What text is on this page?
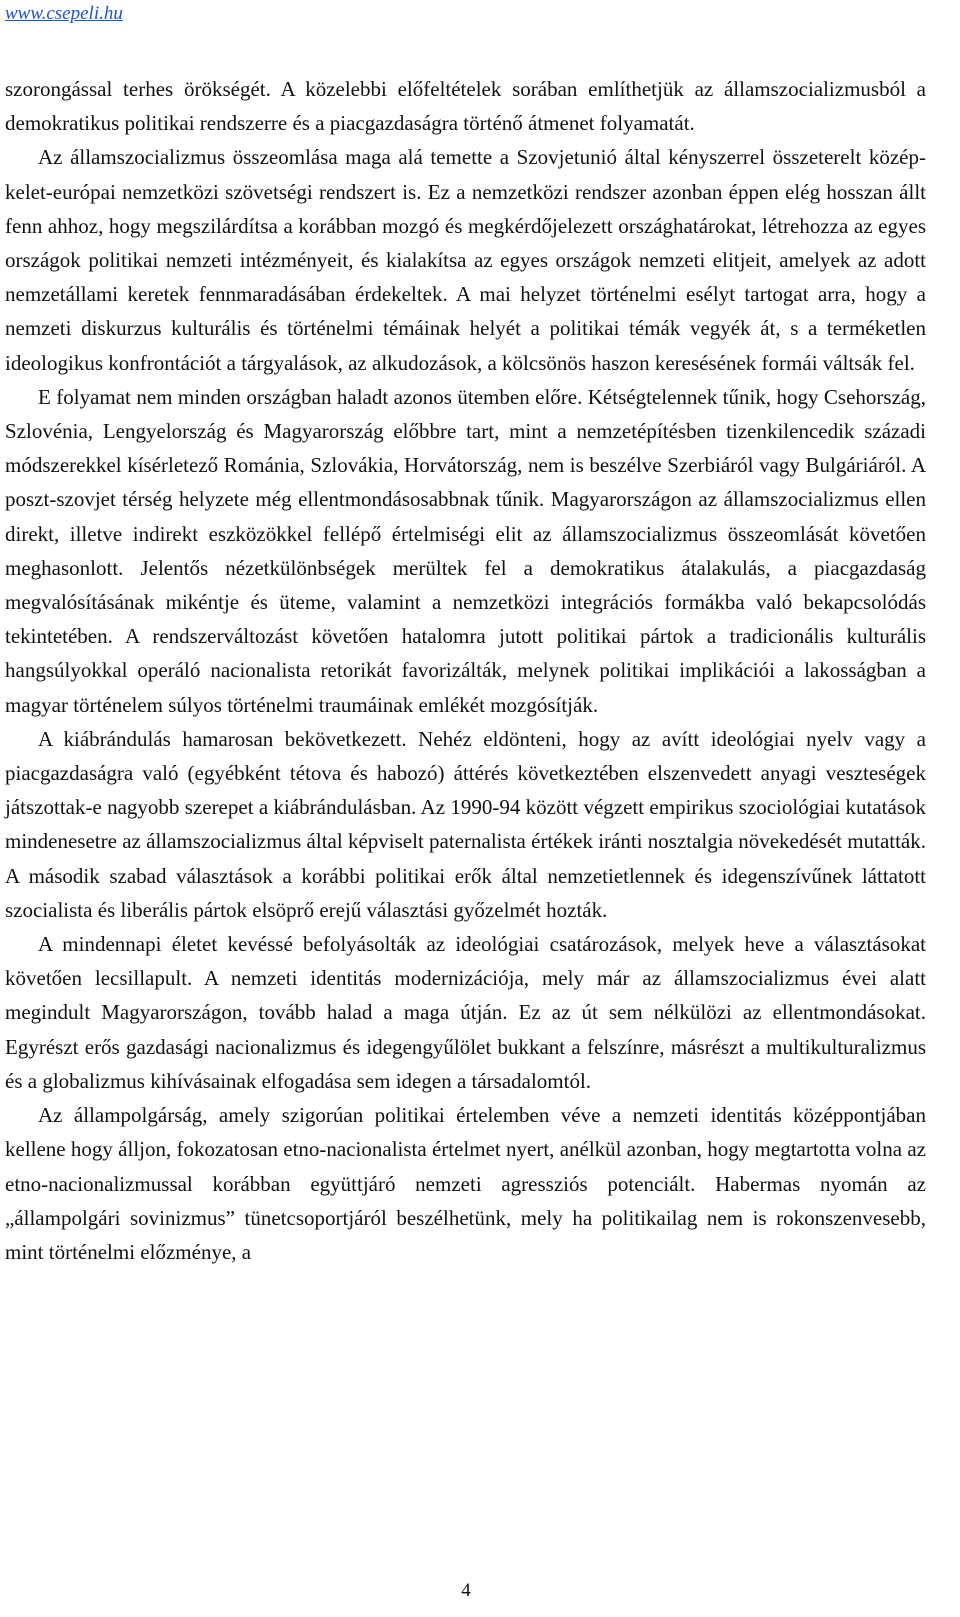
www.csepeli.hu

szorongással terhes örökségét. A közelebbi előfeltételek sorában említhetjük az államszocializmusból a demokratikus politikai rendszerre és a piacgazdaságra történő átmenet folyamatát.

Az államszocializmus összeomlása maga alá temette a Szovjetunió által kényszerrel összeterelt közép-kelet-európai nemzetközi szövetségi rendszert is. Ez a nemzetközi rendszer azonban éppen elég hosszan állt fenn ahhoz, hogy megszilárdítsa a korábban mozgó és megkérdőjelezett országhatárokat, létrehozza az egyes országok politikai nemzeti intézményeit, és kialakítsa az egyes országok nemzeti elitjeit, amelyek az adott nemzetállami keretek fennmaradásában érdekeltek. A mai helyzet történelmi esélyt tartogat arra, hogy a nemzeti diskurzus kulturális és történelmi témáinak helyét a politikai témák vegyék át, s a terméketlen ideologikus konfrontációt a tárgyalások, az alkudozások, a kölcsönös haszon keresésének formái váltsák fel.

E folyamat nem minden országban haladt azonos ütemben előre. Kétségtelennek tűnik, hogy Csehország, Szlovénia, Lengyelország és Magyarország előbbre tart, mint a nemzetépítésben tizenkilencedik századi módszerekkel kísérletező Románia, Szlovákia, Horvátország, nem is beszélve Szerbiáról vagy Bulgáriáról. A poszt-szovjet térség helyzete még ellentmondásosabbnak tűnik. Magyarországon az államszocializmus ellen direkt, illetve indirekt eszközökkel fellépő értelmiségi elit az államszocializmus összeomlását követően meghasonlott. Jelentős nézetkülönbségek merültek fel a demokratikus átalakulás, a piacgazdaság megvalósításának mikéntje és üteme, valamint a nemzetközi integrációs formákba való bekapcsolódás tekintetében. A rendszerváltozást követően hatalomra jutott politikai pártok a tradicionális kulturális hangsúlyokkal operáló nacionalista retorikát favorizálták, melynek politikai implikációi a lakosságban a magyar történelem súlyos történelmi traumáinak emlékét mozgósítják.

A kiábrándulás hamarosan bekövetkezett. Nehéz eldönteni, hogy az avítt ideológiai nyelv vagy a piacgazdaságra való (egyébként tétova és habozó) áttérés következtében elszenvedett anyagi veszteségek játszottak-e nagyobb szerepet a kiábrándulásban. Az 1990-94 között végzett empirikus szociológiai kutatások mindenesetre az államszocializmus által képviselt paternalista értékek iránti nosztalgia növekedését mutatták. A második szabad választások a korábbi politikai erők által nemzetietlennek és idegenszívűnek láttatott szocialista és liberális pártok elsöprő erejű választási győzelmét hozták.

A mindennapi életet kevéssé befolyásolták az ideológiai csatározások, melyek heve a választásokat követően lecsillapult. A nemzeti identitás modernizációja, mely már az államszocializmus évei alatt megindult Magyarországon, tovább halad a maga útján. Ez az út sem nélkülözi az ellentmondásokat. Egyrészt erős gazdasági nacionalizmus és idegengyűlölet bukkant a felszínre, másrészt a multikulturalizmus és a globalizmus kihívásainak elfogadása sem idegen a társadalomtól.

Az állampolgárság, amely szigorúan politikai értelemben véve a nemzeti identitás középpontjában kellene hogy álljon, fokozatosan etno-nacionalista értelmet nyert, anélkül azonban, hogy megtartotta volna az etno-nacionalizmussal korábban együttjáró nemzeti agressziós potenciált. Habermas nyomán az „állampolgári sovinizmus” tünetcsoportjáról beszélhetünk, mely ha politikailag nem is rokonszenvesebb, mint történelmi előzménye, a

4
